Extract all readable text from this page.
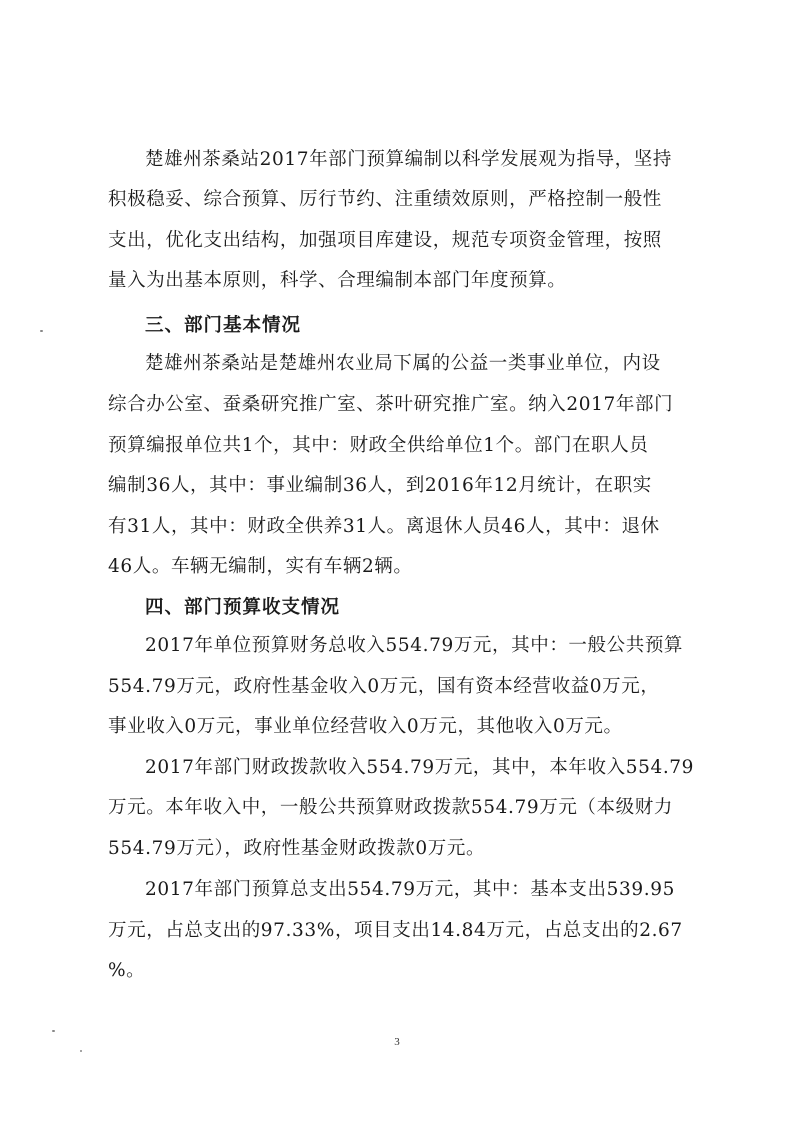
楚雄州茶桑站2017年部门预算编制以科学发展观为指导，坚持
积极稳妥、综合预算、厉行节约、注重绩效原则，严格控制一般性
支出，优化支出结构，加强项目库建设，规范专项资金管理，按照
量入为出基本原则，科学、合理编制本部门年度预算。
三、部门基本情况
楚雄州茶桑站是楚雄州农业局下属的公益一类事业单位，内设
综合办公室、蚕桑研究推广室、茶叶研究推广室。纳入2017年部门
预算编报单位共1个，其中：财政全供给单位1个。部门在职人员
编制36人，其中：事业编制36人，到2016年12月统计，在职实
有31人，其中：财政全供养31人。离退休人员46人，其中：退休
46人。车辆无编制，实有车辆2辆。
四、部门预算收支情况
2017年单位预算财务总收入554.79万元，其中：一般公共预算
554.79万元，政府性基金收入0万元，国有资本经营收益0万元，
事业收入0万元，事业单位经营收入0万元，其他收入0万元。
2017年部门财政拨款收入554.79万元，其中，本年收入554.79
万元。本年收入中，一般公共预算财政拨款554.79万元（本级财力
554.79万元），政府性基金财政拨款0万元。
2017年部门预算总支出554.79万元，其中：基本支出539.95
万元，占总支出的97.33%，项目支出14.84万元，占总支出的2.67
%。
3
